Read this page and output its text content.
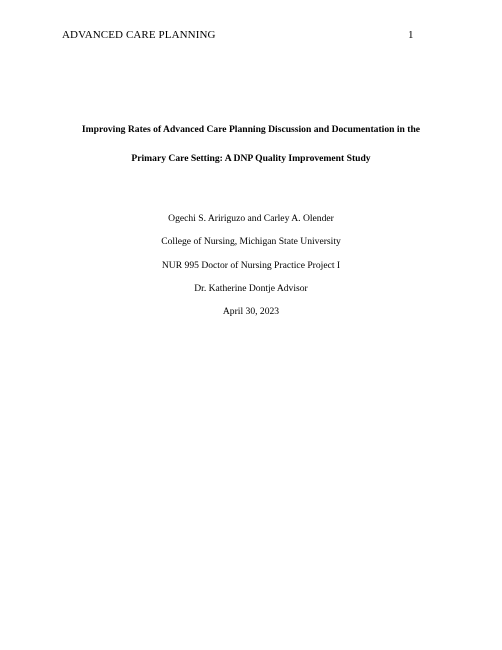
ADVANCED CARE PLANNING	1
Improving Rates of Advanced Care Planning Discussion and Documentation in the
Primary Care Setting: A DNP Quality Improvement Study
Ogechi S. Aririguzo and Carley A. Olender
College of Nursing, Michigan State University
NUR 995 Doctor of Nursing Practice Project I
Dr. Katherine Dontje Advisor
April 30, 2023
